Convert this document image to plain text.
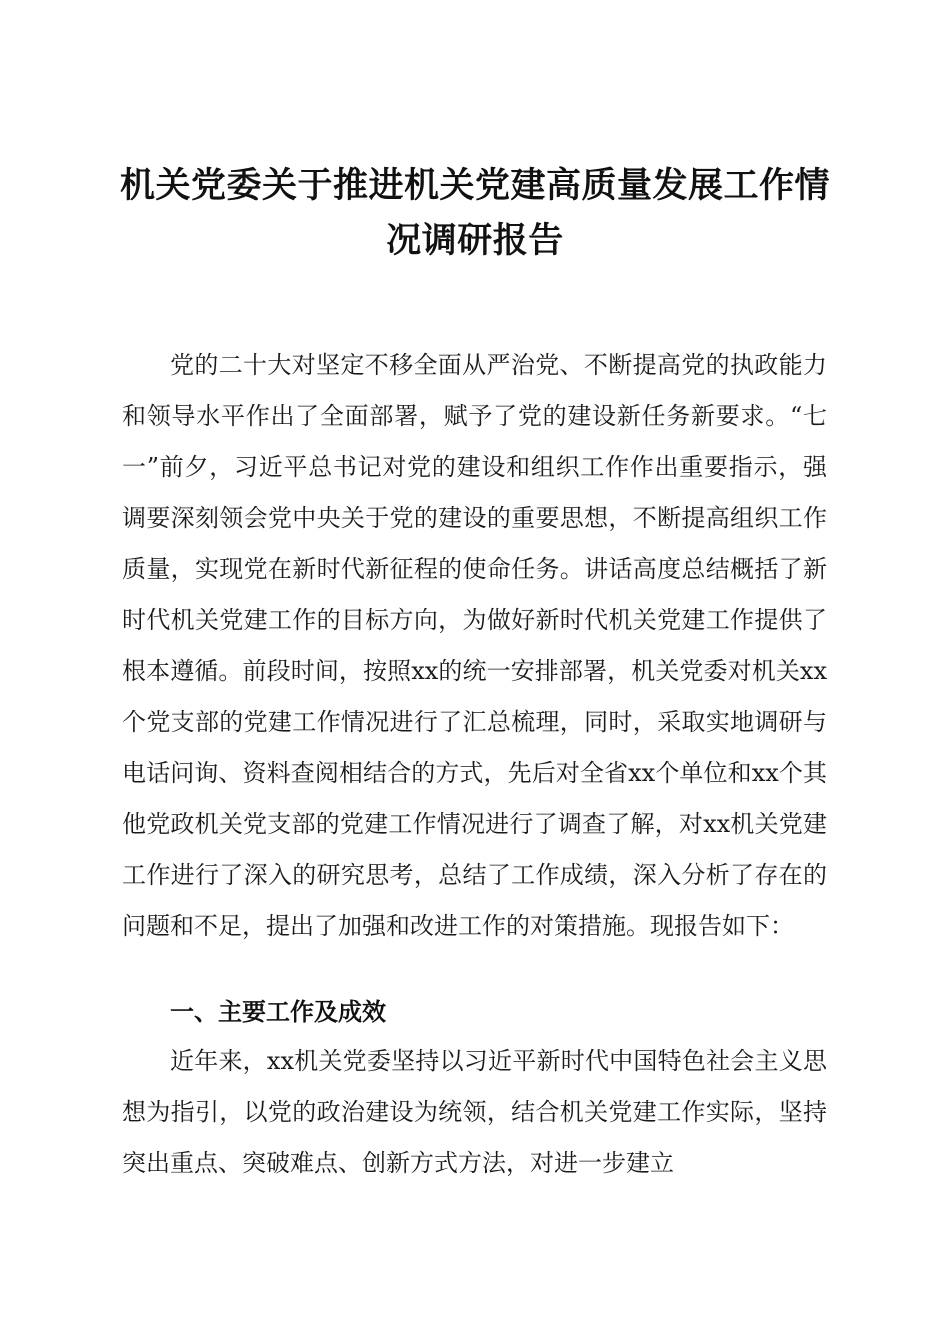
机关党委关于推进机关党建高质量发展工作情况调研报告
党的二十大对坚定不移全面从严治党、不断提高党的执政能力和领导水平作出了全面部署，赋予了党的建设新任务新要求。“七一”前夕，习近平总书记对党的建设和组织工作作出重要指示，强调要深刻领会党中央关于党的建设的重要思想，不断提高组织工作质量，实现党在新时代新征程的使命任务。讲话高度总结概括了新时代机关党建工作的目标方向，为做好新时代机关党建工作提供了根本遵循。前段时间，按照xx的统一安排部署，机关党委对机关xx个党支部的党建工作情况进行了汇总梳理，同时，采取实地调研与电话问询、资料查阅相结合的方式，先后对全省xx个单位和xx个其他党政机关党支部的党建工作情况进行了调查了解，对xx机关党建工作进行了深入的研究思考，总结了工作成绩，深入分析了存在的问题和不足，提出了加强和改进工作的对策措施。现报告如下：
一、主要工作及成效
近年来，xx机关党委坚持以习近平新时代中国特色社会主义思想为指引，以党的政治建设为统领，结合机关党建工作实际，坚持突出重点、突破难点、创新方式方法，对进一步建立
